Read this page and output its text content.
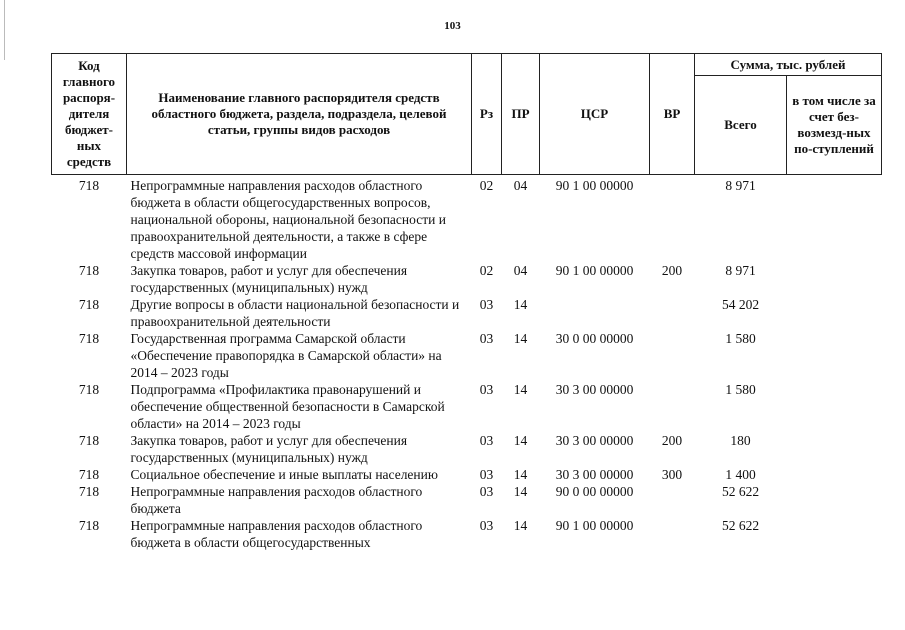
103
Код главного распоря-дителя бюджет-ных средств	Наименование главного распорядителя средств областного бюджета, раздела, подраздела, целевой статьи, группы видов расходов	Рз	ПР	ЦСР	ВР	Сумма, тыс. рублей	
						Всего	в том числе за счет без-возмезд-ных по-ступлений
718	Непрограммные направления расходов областного бюджета в области общегосударственных вопросов, национальной обороны, национальной безопасности и правоохранительной деятельности, а также в сфере средств массовой информации	02	04	90 1 00 00000		8 971	
718	Закупка товаров, работ и услуг для обеспечения государственных (муниципальных) нужд	02	04	90 1 00 00000	200	8 971	
718	Другие вопросы в области национальной безопасности и правоохранительной деятельности	03	14			54 202	
718	Государственная программа Самарской области «Обеспечение правопорядка в Самарской области» на 2014 – 2023 годы	03	14	30 0 00 00000		1 580	
718	Подпрограмма «Профилактика правонарушений и обеспечение общественной безопасности в Самарской области» на 2014 – 2023 годы	03	14	30 3 00 00000		1 580	
718	Закупка товаров, работ и услуг для обеспечения государственных (муниципальных) нужд	03	14	30 3 00 00000	200	180	
718	Социальное обеспечение и иные выплаты населению	03	14	30 3 00 00000	300	1 400	
718	Непрограммные направления расходов областного бюджета	03	14	90 0 00 00000		52 622	
718	Непрограммные направления расходов областного бюджета в области общегосударственных	03	14	90 1 00 00000		52 622	
